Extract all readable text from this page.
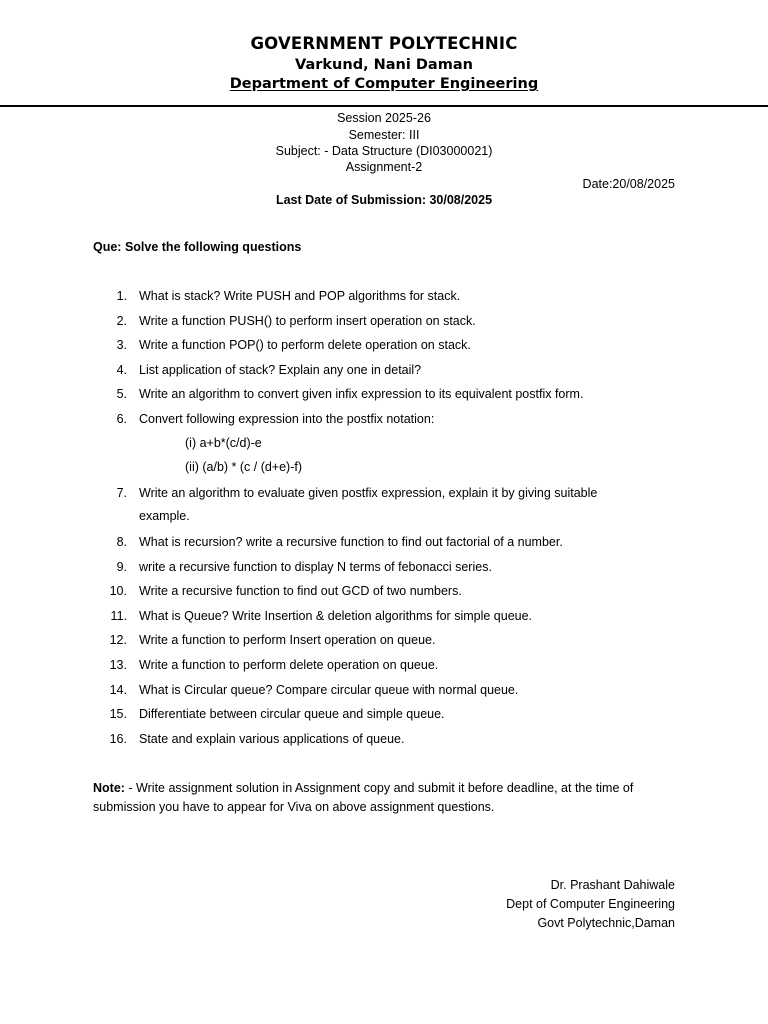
GOVERNMENT POLYTECHNIC
Varkund, Nani Daman
Department of Computer Engineering
Session 2025-26
Semester: III
Subject: - Data Structure (DI03000021)
Assignment-2
Date:20/08/2025
Last Date of Submission: 30/08/2025
Que: Solve the following questions
1. What is stack? Write PUSH and POP algorithms for stack.
2. Write a function PUSH() to perform insert operation on stack.
3. Write a function POP() to perform delete operation on stack.
4. List application of stack? Explain any one in detail?
5. Write an algorithm to convert given infix expression to its equivalent postfix form.
6. Convert following expression into the postfix notation:
(i) a+b*(c/d)-e
(ii) (a/b) * (c / (d+e)-f)
7. Write an algorithm to evaluate given postfix expression, explain it by giving suitable
example.
8. What is recursion? write a recursive function to find out factorial of a number.
9. write a recursive function to display N terms of febonacci series.
10. Write a recursive function to find out GCD of two numbers.
11. What is Queue? Write Insertion & deletion algorithms for simple queue.
12. Write a function to perform Insert operation on queue.
13. Write a function to perform delete operation on queue.
14. What is Circular queue? Compare circular queue with normal queue.
15. Differentiate between circular queue and simple queue.
16. State and explain various applications of queue.
Note: - Write assignment solution in Assignment copy and submit it before deadline, at the time of submission you have to appear for Viva on above assignment questions.
Dr. Prashant Dahiwale
Dept of Computer Engineering
Govt Polytechnic,Daman
